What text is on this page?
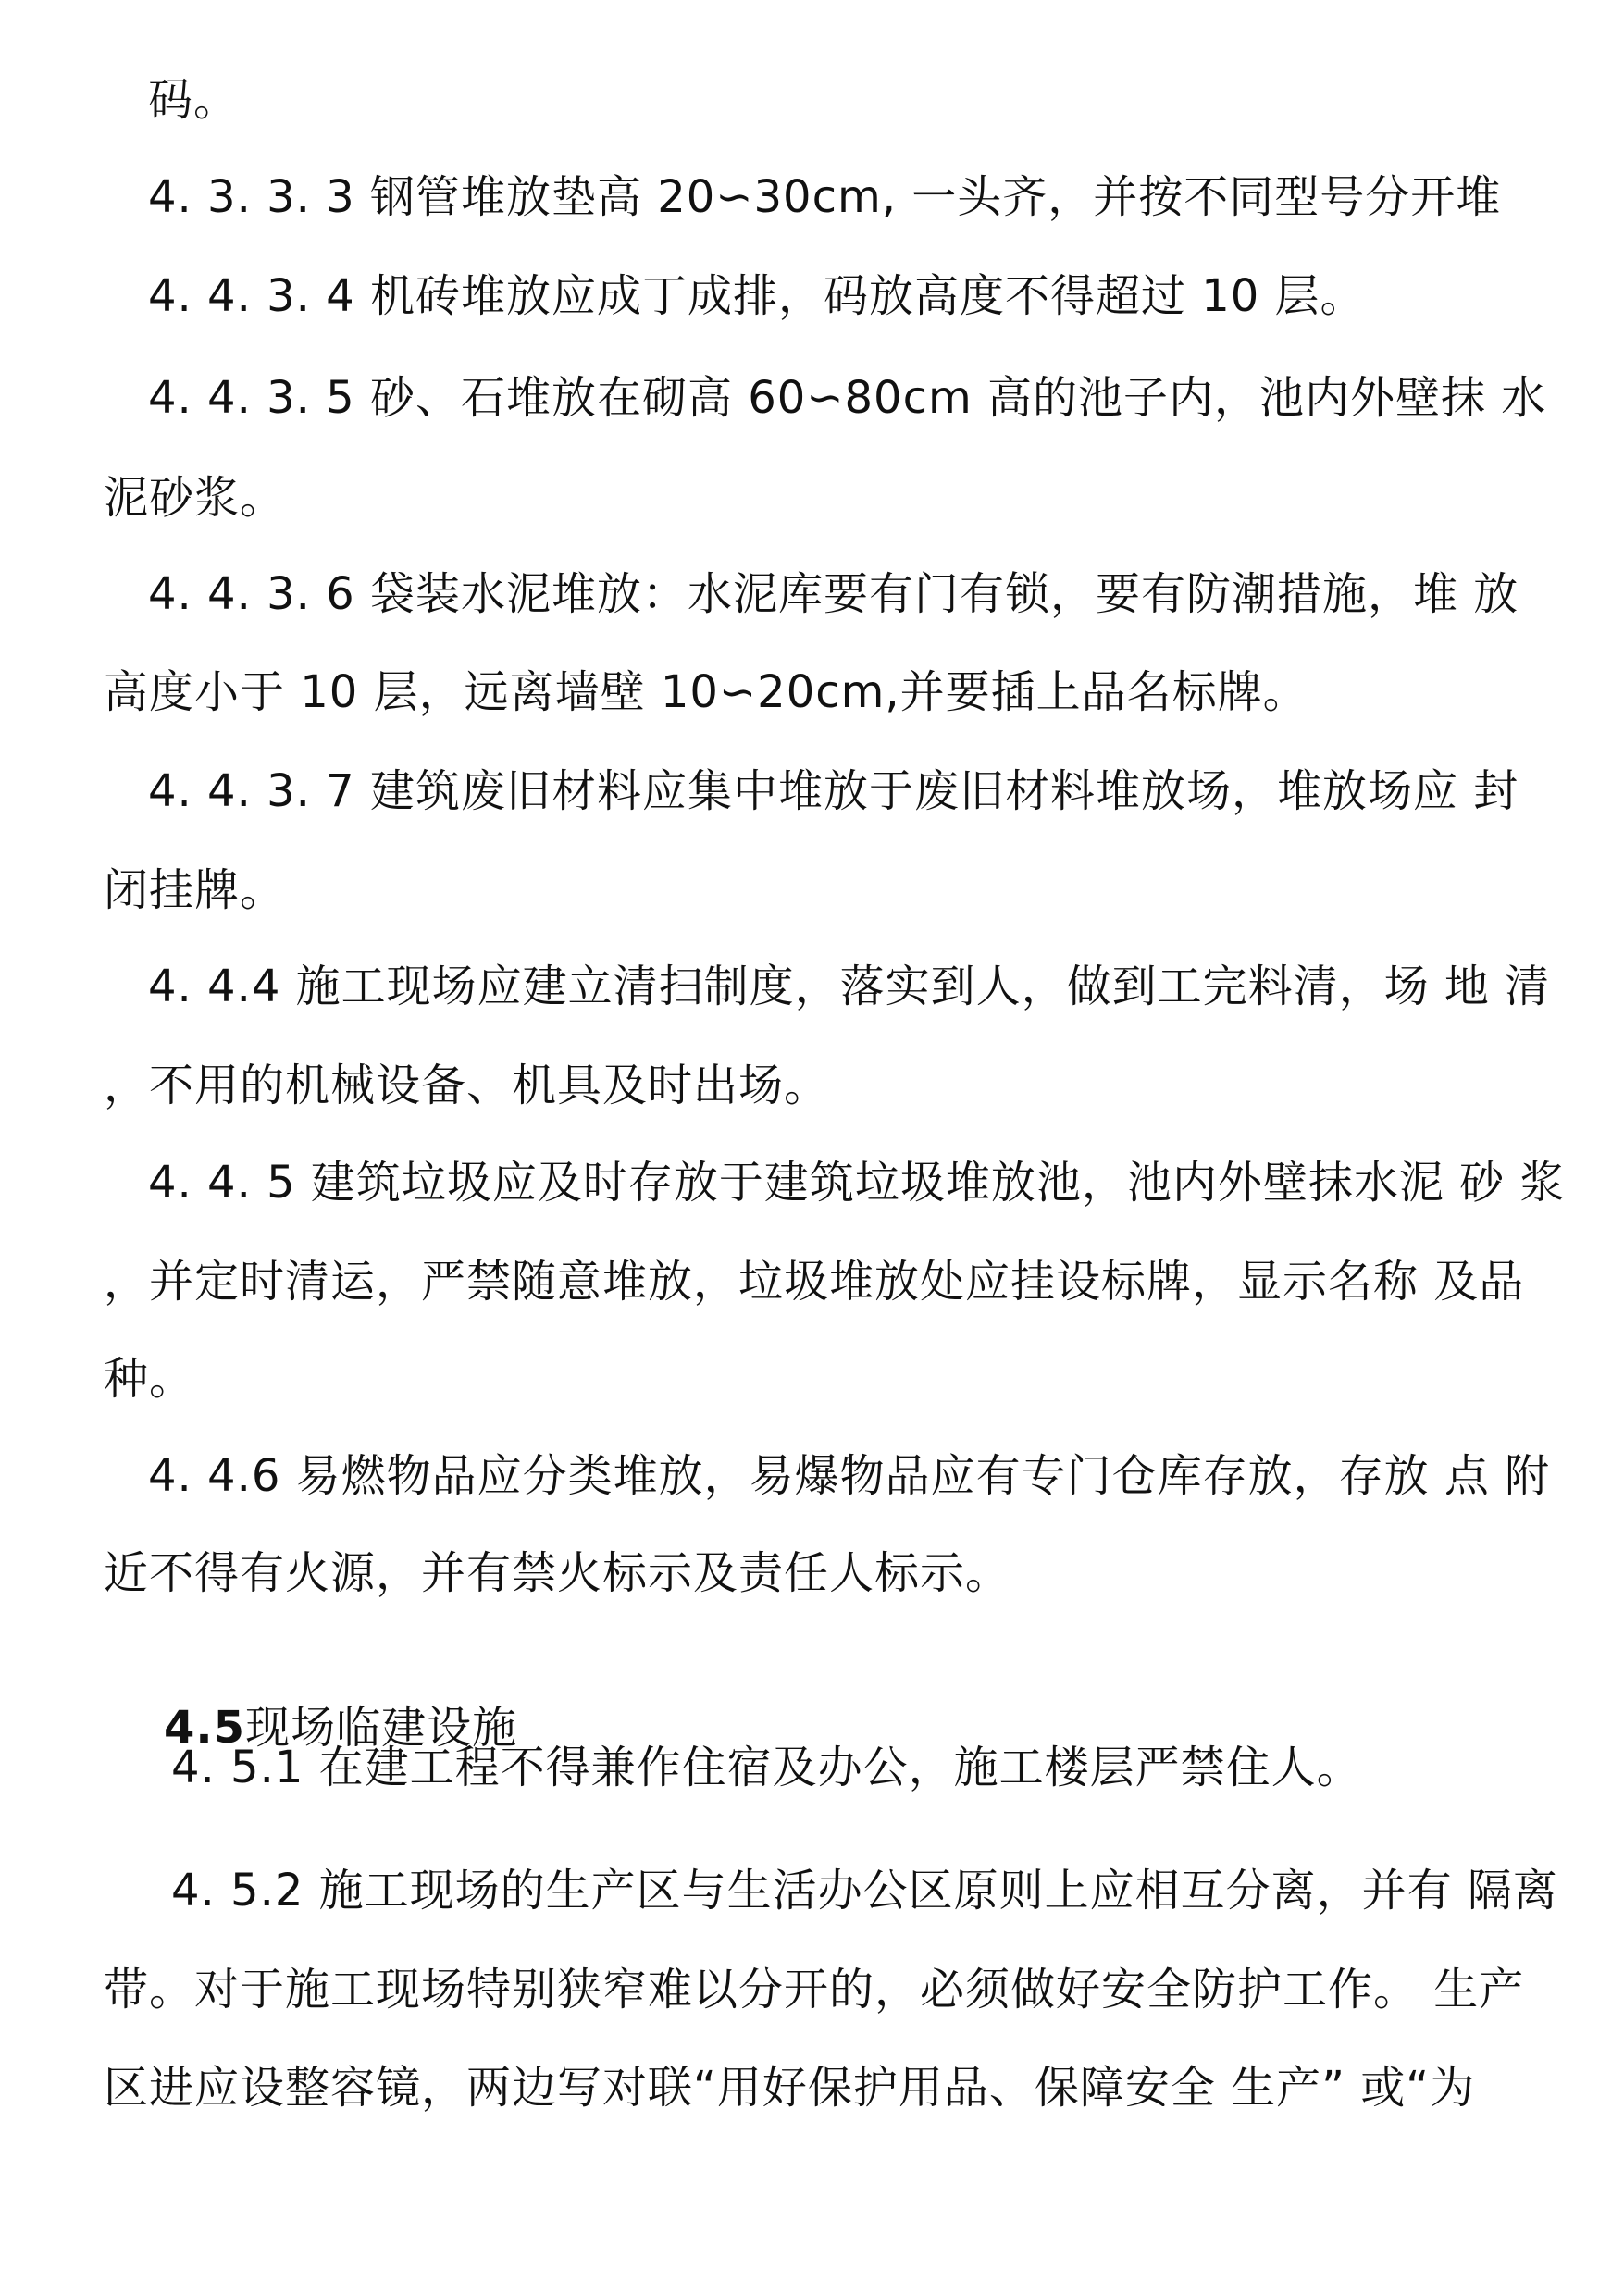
码。
4. 3. 3. 3 钢管堆放垫高 20∽30cm, 一头齐，并按不同型号分开堆
4. 4. 3. 4 机砖堆放应成丁成排，码放高度不得超过 10 层。
4. 4. 3. 5 砂、石堆放在砌高 60∽80cm 高的池子内，池内外壁抹 水
泥砂浆。
4. 4. 3. 6 袋装水泥堆放：水泥库要有门有锁，要有防潮措施，堆 放
高度小于 10 层，远离墙壁 10∽20cm,并要插上品名标牌。
4. 4. 3. 7 建筑废旧材料应集中堆放于废旧材料堆放场，堆放场应 封
闭挂牌。
4. 4.4 施工现场应建立清扫制度，落实到人，做到工完料清，场 地 清
，不用的机械设备、机具及时出场。
4. 4. 5 建筑垃圾应及时存放于建筑垃圾堆放池，池内外壁抹水泥 砂 浆
，并定时清运，严禁随意堆放，垃圾堆放处应挂设标牌，显示名称 及品
种。
4. 4.6 易燃物品应分类堆放，易爆物品应有专门仓库存放，存放 点 附
近不得有火源，并有禁火标示及责任人标示。

4.5现场临建设施

4. 5.1 在建工程不得兼作住宿及办公，施工楼层严禁住人。
4. 5.2 施工现场的生产区与生活办公区原则上应相互分离，并有 隔离
带。对于施工现场特别狭窄难以分开的，必须做好安全防护工作。 生产
区进应设整容镜，两边写对联“用好保护用品、保障安全 生产” 或“为
